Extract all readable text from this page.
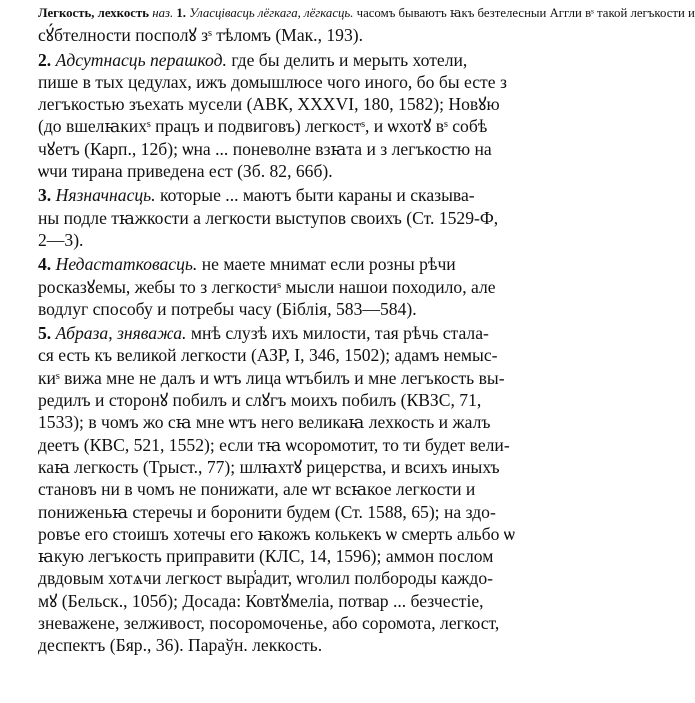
Легкость, лехкость наз. 1. Уласцівасць лёгкага, лёгкасць. часомъ бываютъ ꙗкъ безтелесныи Аггли вˢ такой легъкости и
сꙋ́бтелности посполꙋ зˢ тѣломъ (Мак., 193).

2. Адсутнасць перашкод. где бы делить и мерыть хотели,
пише в тых цедулах, ижъ домышлюсе чого иного, бо бы есте з
легъкостью зъехать мусели (АВК, XXXVI, 180, 1582); Новꙋю
(до вшелꙗкихˢ працъ и подвиговъ) легкостˢ, и ѡхотꙋ вˢ собѣ
чꙋетъ (Карп., 12б); ѡна ... поневолне взꙗта и з легъкостю на
ѡчи тирана приведена ест (Зб. 82, 66б).

3. Нязначнасць. которые ... маютъ быти караны и сказыва-
ны подле тꙗжкости а легкости выступов своихъ (Ст. 1529-Ф,
2—3).

4. Недастатковасць. не маете мнимат если розны рѣчи
росказꙋемы, жебы то з легкостиˢ мысли нашои походило, але
водлуг способу и потребы часу (Біблія, 583—584).

5. Абраза, зняважа. мнѣ слузѣ ихъ милости, тая рѣчь стала-
ся есть къ великой легкости (АЗР, I, 346, 1502); адамъ немыс-
киˢ вижа мне не далъ и ѡтъ лица ѡтъбилъ и мне легъкость вы-
редилъ и сторонꙋ побилъ и слꙋгъ моихъ побилъ (КВЗС, 71,
1533); в чомъ жо сꙗ мне ѡтъ него великаꙗ лехкость и жалъ
деетъ (КВС, 521, 1552); если тꙗ ѡсоромотит, то ти будет вели-
каꙗ легкость (Трыст., 77); шлꙗхтꙋ рицерства, и всихъ иныхъ
становъ ни в чомъ не понижати, але ѡт всꙗкое легкости и
пониженьꙗ стеречы и боронити будем (Ст. 1588, 65); на здо-
ровъе его стоишъ хотечы его ꙗкожъ колькекъ ѡ смерть альбо ѡ
ꙗкую легъкость приправити (КЛС, 14, 1596); аммон послом
двдовым хотѧчи легкост выр̾адит, ѡголил полбороды каждо-
мꙋ (Бельск., 105б); Досада: Ковтꙋмеліа, потвар ... безчестіе,
зневажене, зелживост, посоромоченье, або соромота, легкост,
деспектъ (Бяр., 36). Параўн. леккость.
